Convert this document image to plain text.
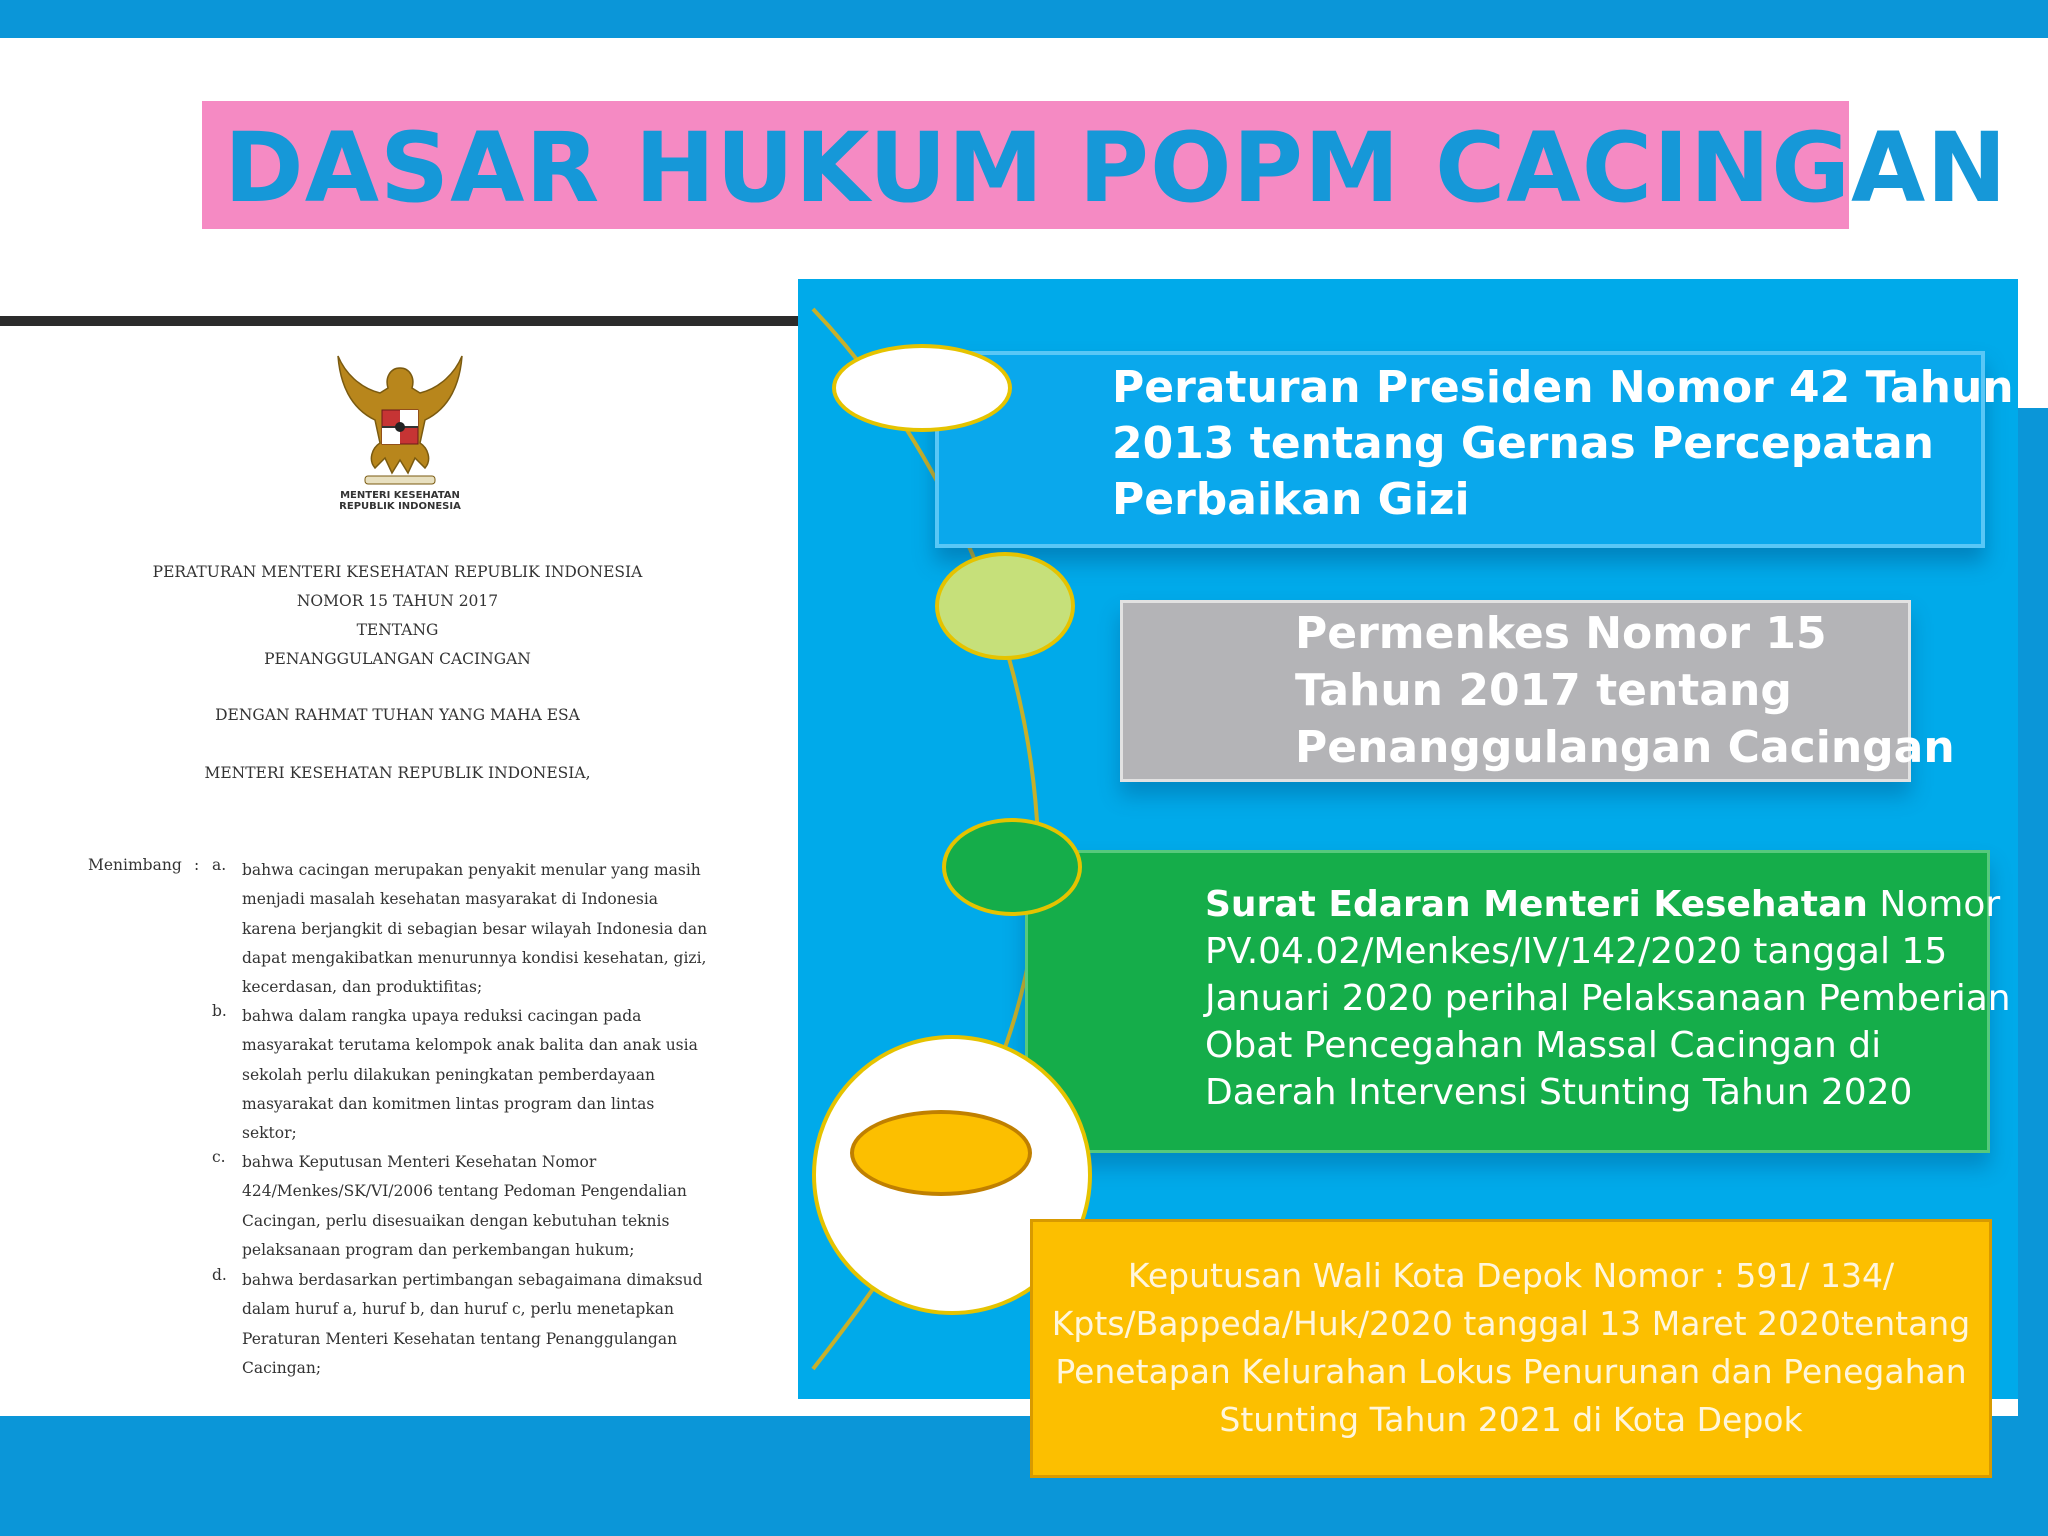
DASAR HUKUM POPM CACINGAN
MENTERI KESEHATAN
REPUBLIK INDONESIA
PERATURAN MENTERI KESEHATAN REPUBLIK INDONESIA
NOMOR 15 TAHUN 2017
TENTANG
PENANGGULANGAN CACINGAN
DENGAN RAHMAT TUHAN YANG MAHA ESA
MENTERI KESEHATAN REPUBLIK INDONESIA,
Menimbang : a. bahwa cacingan merupakan penyakit menular yang masih
menjadi masalah kesehatan masyarakat di Indonesia
karena berjangkit di sebagian besar wilayah Indonesia dan
dapat mengakibatkan menurunnya kondisi kesehatan, gizi,
kecerdasan, dan produktifitas;
b. bahwa dalam rangka upaya reduksi cacingan pada
masyarakat terutama kelompok anak balita dan anak usia
sekolah perlu dilakukan peningkatan pemberdayaan
masyarakat dan komitmen lintas program dan lintas
sektor;
c. bahwa Keputusan Menteri Kesehatan Nomor
424/Menkes/SK/VI/2006 tentang Pedoman Pengendalian
Cacingan, perlu disesuaikan dengan kebutuhan teknis
pelaksanaan program dan perkembangan hukum;
d. bahwa berdasarkan pertimbangan sebagaimana dimaksud
dalam huruf a, huruf b, dan huruf c, perlu menetapkan
Peraturan Menteri Kesehatan tentang Penanggulangan
Cacingan;
Peraturan Presiden Nomor 42 Tahun
2013 tentang Gernas Percepatan
Perbaikan Gizi
Permenkes Nomor 15
Tahun 2017 tentang
Penanggulangan Cacingan
Surat Edaran Menteri Kesehatan Nomor
PV.04.02/Menkes/IV/142/2020 tanggal 15
Januari 2020 perihal Pelaksanaan Pemberian
Obat Pencegahan Massal Cacingan di
Daerah Intervensi Stunting Tahun 2020
Keputusan Wali Kota Depok Nomor : 591/ 134/
Kpts/Bappeda/Huk/2020 tanggal 13 Maret 2020tentang
Penetapan Kelurahan Lokus Penurunan dan Penegahan
Stunting Tahun 2021 di Kota Depok
